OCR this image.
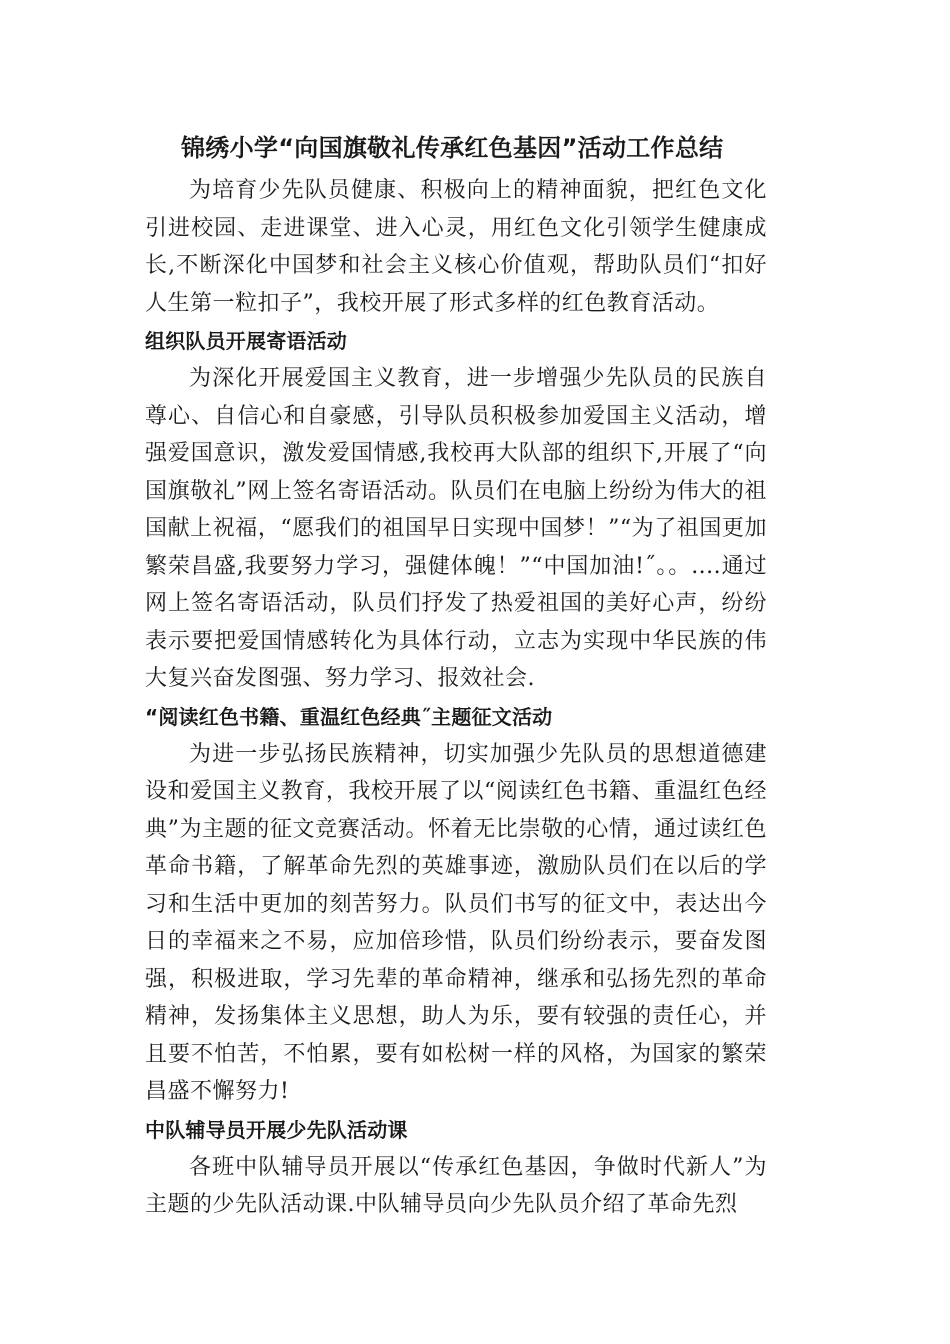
锦绣小学“向国旗敬礼传承红色基因”活动工作总结

为培育少先队员健康、积极向上的精神面貌，把红色文化引进校园、走进课堂、进入心灵，用红色文化引领学生健康成长,不断深化中国梦和社会主义核心价值观，帮助队员们“扣好人生第一粒扣子”，我校开展了形式多样的红色教育活动。

组织队员开展寄语活动

为深化开展爱国主义教育，进一步增强少先队员的民族自尊心、自信心和自豪感，引导队员积极参加爱国主义活动，增强爱国意识，激发爱国情感,我校再大队部的组织下,开展了“向国旗敬礼”网上签名寄语活动。队员们在电脑上纷纷为伟大的祖国献上祝福，“愿我们的祖国早日实现中国梦！”“为了祖国更加繁荣昌盛,我要努力学习，强健体魄！”“中国加油!˝。。....通过网上签名寄语活动，队员们抒发了热爱祖国的美好心声，纷纷表示要把爱国情感转化为具体行动，立志为实现中华民族的伟大复兴奋发图强、努力学习、报效社会.

“阅读红色书籍、重温红色经典˝主题征文活动

为进一步弘扬民族精神，切实加强少先队员的思想道德建设和爱国主义教育，我校开展了以“阅读红色书籍、重温红色经典”为主题的征文竞赛活动。怀着无比崇敬的心情，通过读红色革命书籍，了解革命先烈的英雄事迹，激励队员们在以后的学习和生活中更加的刻苦努力。队员们书写的征文中，表达出今日的幸福来之不易，应加倍珍惜，队员们纷纷表示，要奋发图强，积极进取，学习先辈的革命精神，继承和弘扬先烈的革命精神，发扬集体主义思想，助人为乐，要有较强的责任心，并且要不怕苦，不怕累，要有如松树一样的风格，为国家的繁荣昌盛不懈努力!

中队辅导员开展少先队活动课

各班中队辅导员开展以“传承红色基因，争做时代新人”为主题的少先队活动课.中队辅导员向少先队员介绍了革命先烈
